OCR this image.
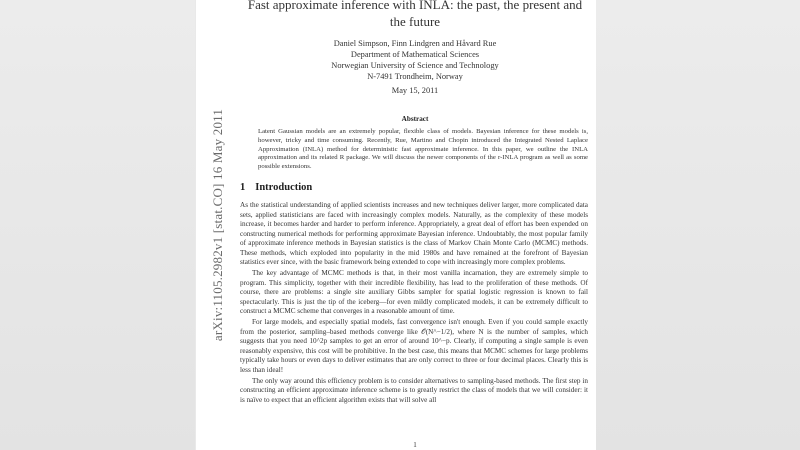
arXiv:1105.2982v1 [stat.CO] 16 May 2011
Fast approximate inference with INLA: the past, the present and the future
Daniel Simpson, Finn Lindgren and Håvard Rue
Department of Mathematical Sciences
Norwegian University of Science and Technology
N-7491 Trondheim, Norway
May 15, 2011
Abstract
Latent Gaussian models are an extremely popular, flexible class of models. Bayesian inference for these models is, however, tricky and time consuming. Recently, Rue, Martino and Chopin introduced the Integrated Nested Laplace Approximation (INLA) method for deterministic fast approximate inference. In this paper, we outline the INLA approximation and its related R package. We will discuss the newer components of the r-INLA program as well as some possible extensions.
1 Introduction

As the statistical understanding of applied scientists increases and new techniques deliver larger, more complicated data sets, applied statisticians are faced with increasingly complex models. Naturally, as the complexity of these models increase, it becomes harder and harder to perform inference. Appropriately, a great deal of effort has been expended on constructing numerical methods for performing approximate Bayesian inference. Undoubtably, the most popular family of approximate inference methods in Bayesian statistics is the class of Markov Chain Monte Carlo (MCMC) methods. These methods, which exploded into popularity in the mid 1980s and have remained at the forefront of Bayesian statistics ever since, with the basic framework being extended to cope with increasingly more complex problems.

The key advantage of MCMC methods is that, in their most vanilla incarnation, they are extremely simple to program. This simplicity, together with their incredible flexibility, has lead to the proliferation of these methods. Of course, there are problems: a single site auxiliary Gibbs sampler for spatial logistic regression is known to fail spectacularly. This is just the tip of the iceberg—for even mildly complicated models, it can be extremely difficult to construct a MCMC scheme that converges in a reasonable amount of time.

For large models, and especially spatial models, fast convergence isn't enough. Even if you could sample exactly from the posterior, sampling–based methods converge like 𝒪(N^−1/2), where N is the number of samples, which suggests that you need 10^2p samples to get an error of around 10^−p. Clearly, if computing a single sample is even reasonably expensive, this cost will be prohibitive. In the best case, this means that MCMC schemes for large problems typically take hours or even days to deliver estimates that are only correct to three or four decimal places. Clearly this is less than ideal!

The only way around this efficiency problem is to consider alternatives to sampling-based methods. The first step in constructing an efficient approximate inference scheme is to greatly restrict the class of models that we will consider: it is naïve to expect that an efficient algorithm exists that will solve all

1
